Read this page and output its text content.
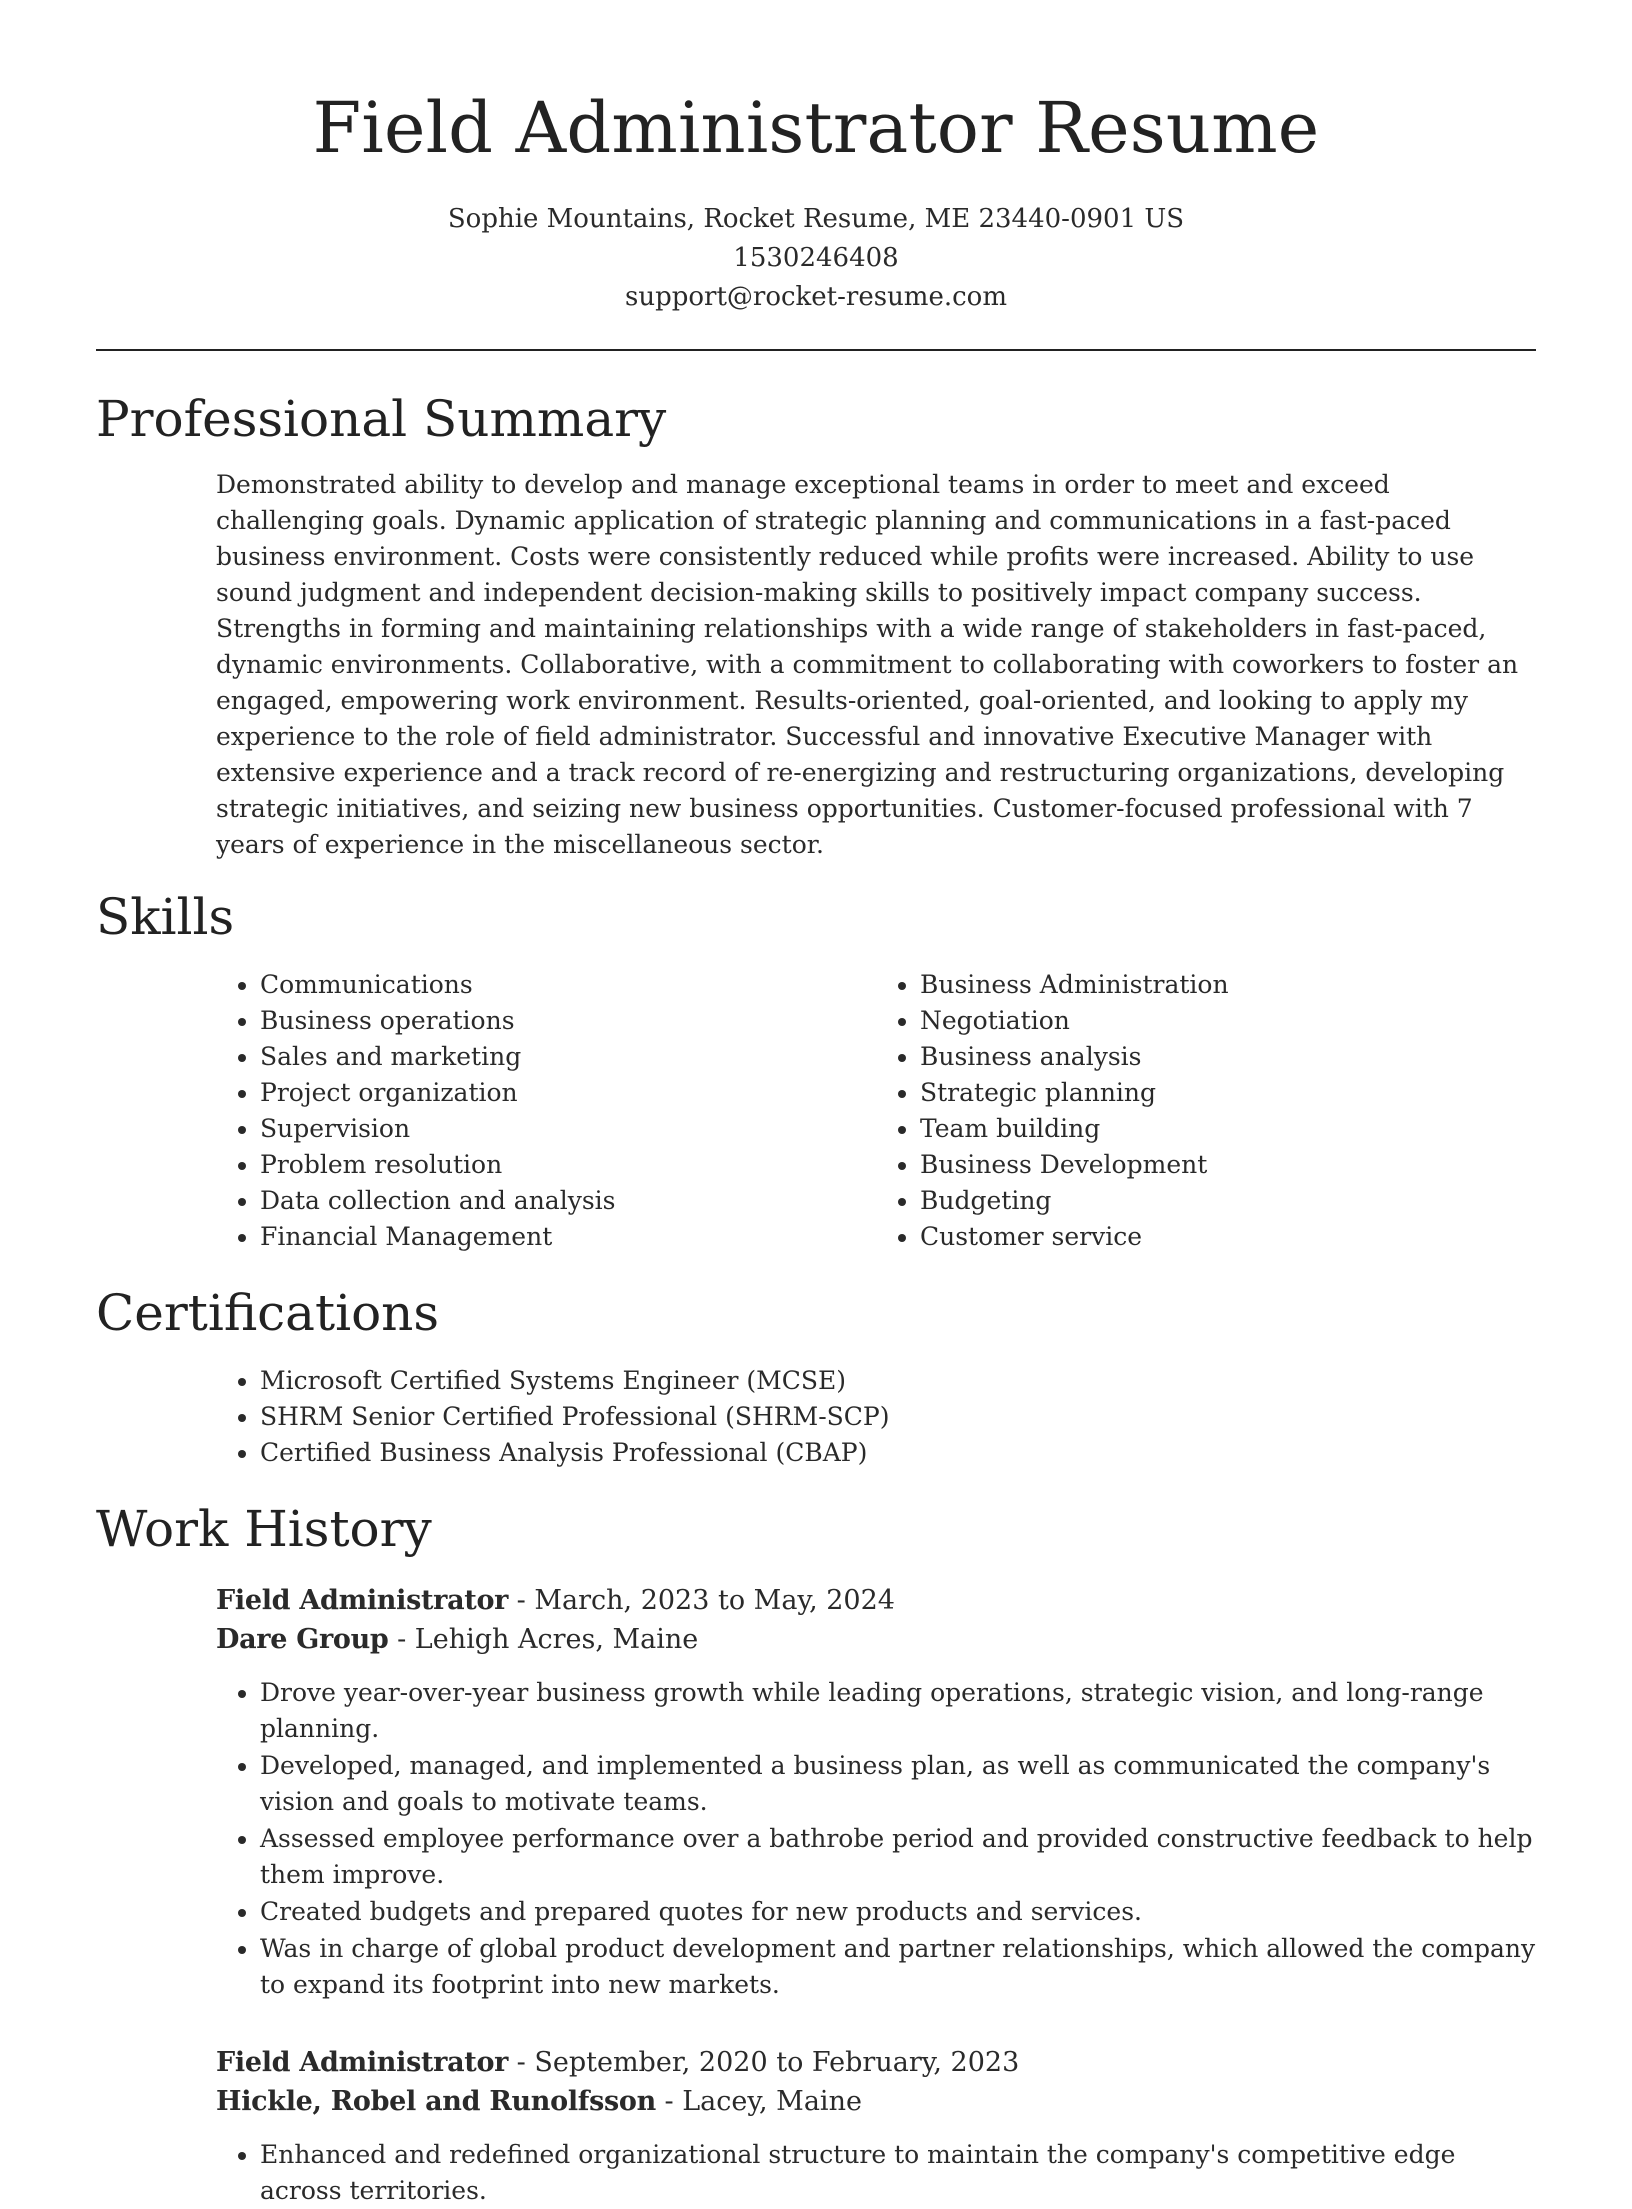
Field Administrator Resume
Sophie Mountains, Rocket Resume, ME 23440-0901 US
1530246408
support@rocket-resume.com
Professional Summary

Demonstrated ability to develop and manage exceptional teams in order to meet and exceed challenging goals. Dynamic application of strategic planning and communications in a fast-paced business environment. Costs were consistently reduced while profits were increased. Ability to use sound judgment and independent decision-making skills to positively impact company success. Strengths in forming and maintaining relationships with a wide range of stakeholders in fast-paced, dynamic environments. Collaborative, with a commitment to collaborating with coworkers to foster an engaged, empowering work environment. Results-oriented, goal-oriented, and looking to apply my experience to the role of field administrator. Successful and innovative Executive Manager with extensive experience and a track record of re-energizing and restructuring organizations, developing strategic initiatives, and seizing new business opportunities. Customer-focused professional with 7 years of experience in the miscellaneous sector.

Skills
• Communications
• Business operations
• Sales and marketing
• Project organization
• Supervision
• Problem resolution
• Data collection and analysis
• Financial Management
• Business Administration
• Negotiation
• Business analysis
• Strategic planning
• Team building
• Business Development
• Budgeting
• Customer service
Certifications
• Microsoft Certified Systems Engineer (MCSE)
• SHRM Senior Certified Professional (SHRM-SCP)
• Certified Business Analysis Professional (CBAP)
Work History
Field Administrator - March, 2023 to May, 2024
Dare Group - Lehigh Acres, Maine
• Drove year-over-year business growth while leading operations, strategic vision, and long-range planning.
• Developed, managed, and implemented a business plan, as well as communicated the company's vision and goals to motivate teams.
• Assessed employee performance over a bathrobe period and provided constructive feedback to help them improve.
• Created budgets and prepared quotes for new products and services.
• Was in charge of global product development and partner relationships, which allowed the company to expand its footprint into new markets.
Field Administrator - September, 2020 to February, 2023
Hickle, Robel and Runolfsson - Lacey, Maine
• Enhanced and redefined organizational structure to maintain the company's competitive edge across territories.
